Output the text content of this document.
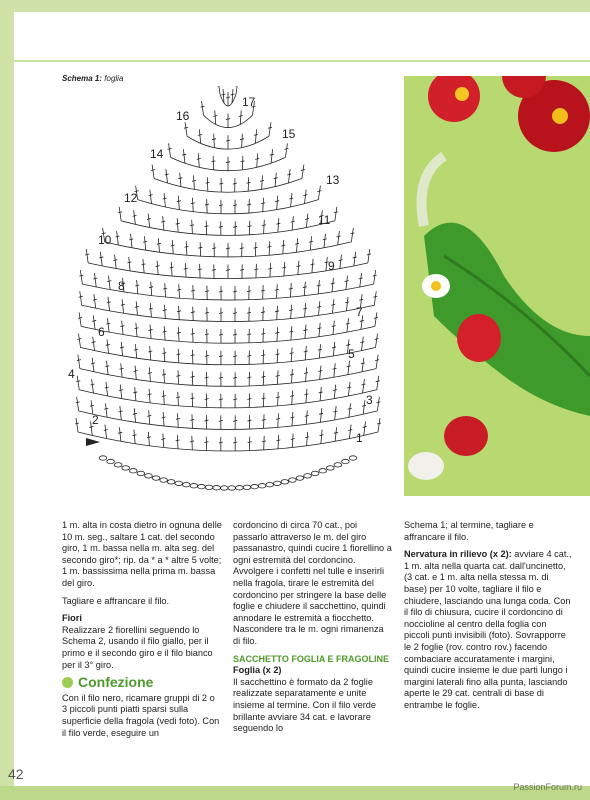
Schema 1: foglia
1
2
3
4
5
6
7
8
9
10
11
12
13
14
15
16
17

1 m. alta in costa dietro in ognuna delle 10 m. seg., saltare 1 cat. del secondo giro, 1 m. bassa nella m. alta seg. del secondo giro*; rip. da * a * altre 5 volte; 1 m. bassissima nella prima m. bassa del giro.

Tagliare e affrancare il filo.

Fiori
Realizzare 2 fiorellini seguendo lo Schema 2, usando il filo giallo, per il primo e il secondo giro e il filo bianco per il 3° giro.

Confezione

Con il filo nero, ricamare gruppi di 2 o 3 piccoli punti piatti sparsi sulla superficie della fragola (vedi foto). Con il filo verde, eseguire un

cordoncino di circa 70 cat., poi passarlo attraverso le m. del giro passanastro, quindi cucire 1 fiorellino a ogni estremità del cordoncino. Avvolgere i confetti nel tulle e inserirli nella fragola, tirare le estremità del cordoncino per stringere la base delle foglie e chiudere il sacchettino, quindi annodare le estremità a fiocchetto. Nascondere tra le m. ogni rimanenza di filo.

SACCHETTO FOGLIA E FRAGOLINE
Foglia (x 2)

Il sacchettino è formato da 2 foglie realizzate separatamente e unite insieme al termine. Con il filo verde brillante avviare 34 cat. e lavorare seguendo lo

Schema 1; al termine, tagliare e affrancare il filo.

Nervatura in rilievo (x 2): avviare 4 cat., 1 m. alta nella quarta cat. dall'uncinetto, (3 cat. e 1 m. alta nella stessa m. di base) per 10 volte, tagliare il filo e chiudere, lasciando una lunga coda. Con il filo di chiusura, cucire il cordoncino di nocciolinе al centro della foglia con piccoli punti invisibili (foto). Sovrapporre le 2 foglie (rov. contro rov.) facendo combaciare accuratamente i margini, quindi cucire insieme le due parti lungo i margini laterali fino alla punta, lasciando aperte le 29 cat. centrali di base di entrambe le foglie.

42
PassionForum.ru
